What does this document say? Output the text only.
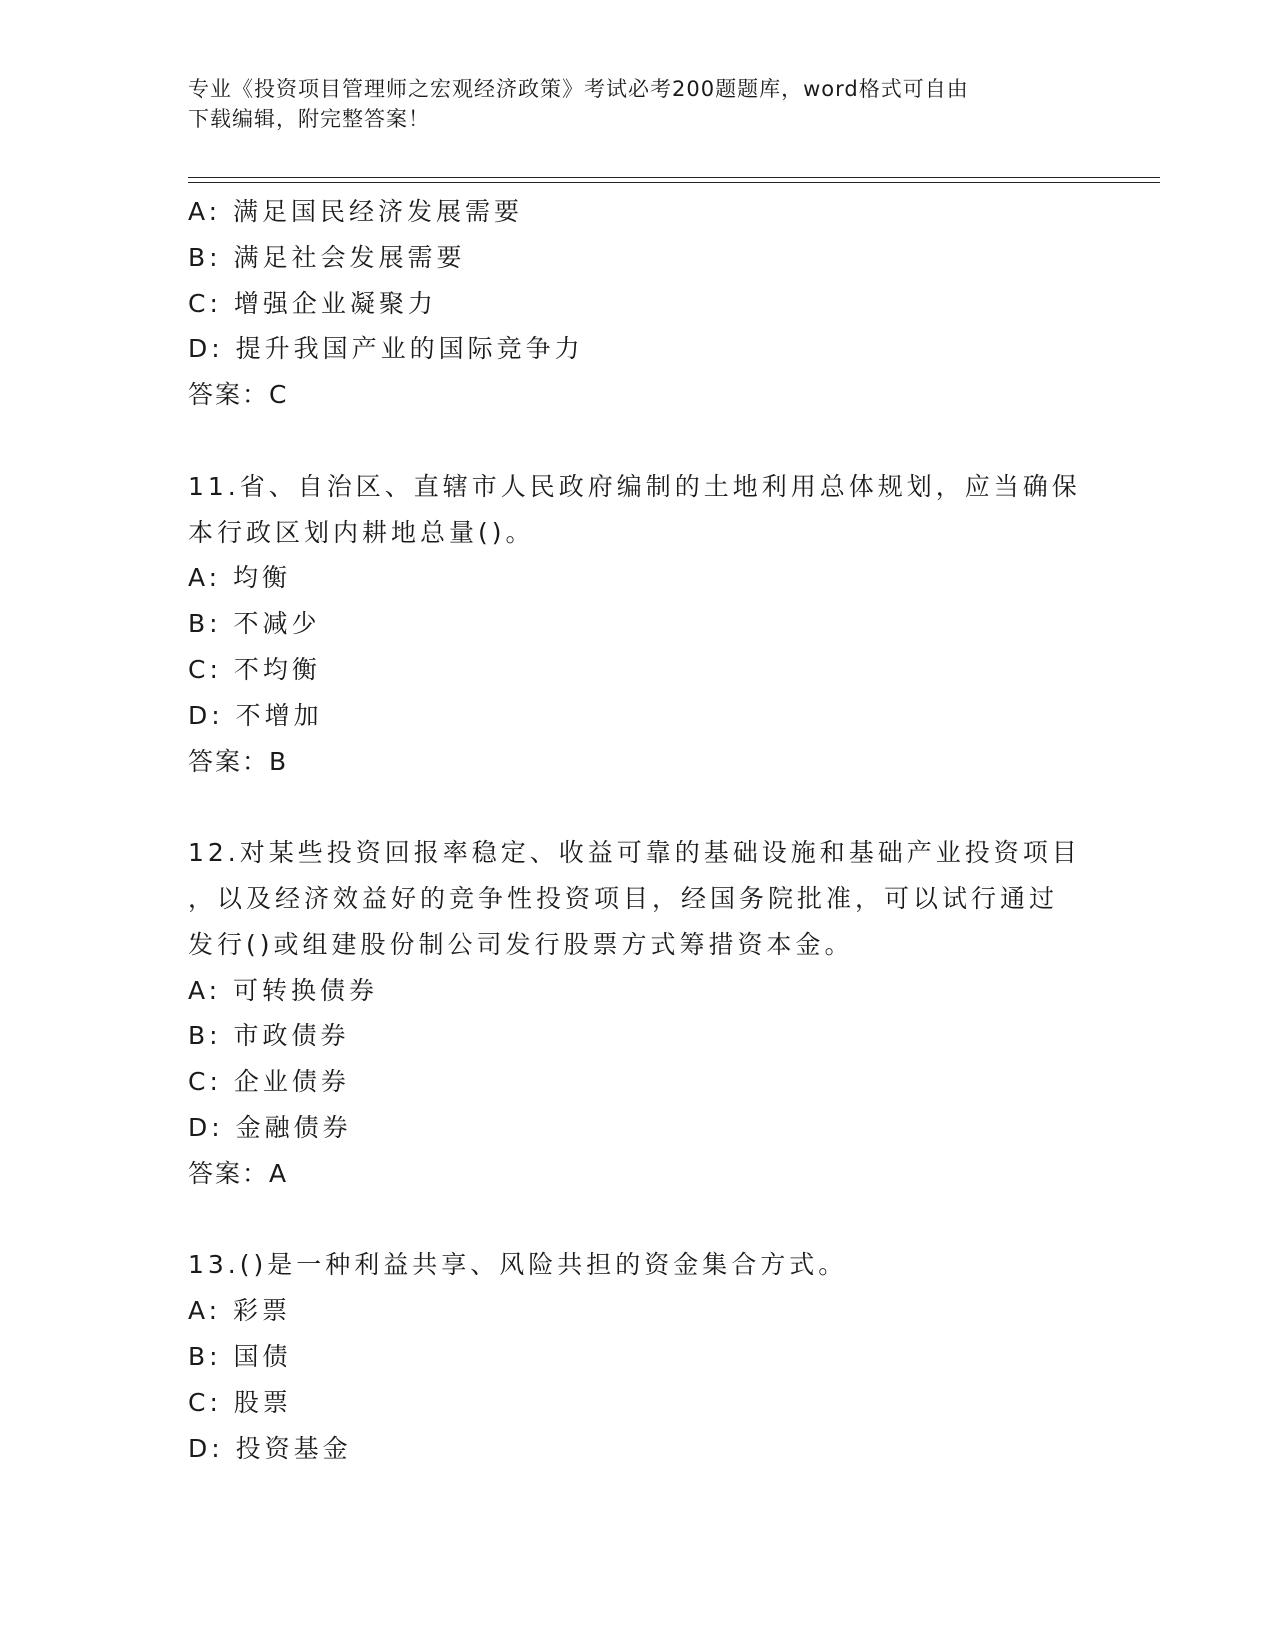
专业《投资项目管理师之宏观经济政策》考试必考200题题库，word格式可自由
下载编辑，附完整答案！
A: 满足国民经济发展需要
B: 满足社会发展需要
C: 增强企业凝聚力
D: 提升我国产业的国际竞争力
答案：C
11.省、自治区、直辖市人民政府编制的土地利用总体规划，应当确保
本行政区划内耕地总量()。
A: 均衡
B: 不减少
C: 不均衡
D: 不增加
答案：B
12.对某些投资回报率稳定、收益可靠的基础设施和基础产业投资项目
，以及经济效益好的竞争性投资项目，经国务院批准，可以试行通过
发行()或组建股份制公司发行股票方式筹措资本金。
A: 可转换债券
B: 市政债券
C: 企业债券
D: 金融债券
答案：A
13.()是一种利益共享、风险共担的资金集合方式。
A: 彩票
B: 国债
C: 股票
D: 投资基金
